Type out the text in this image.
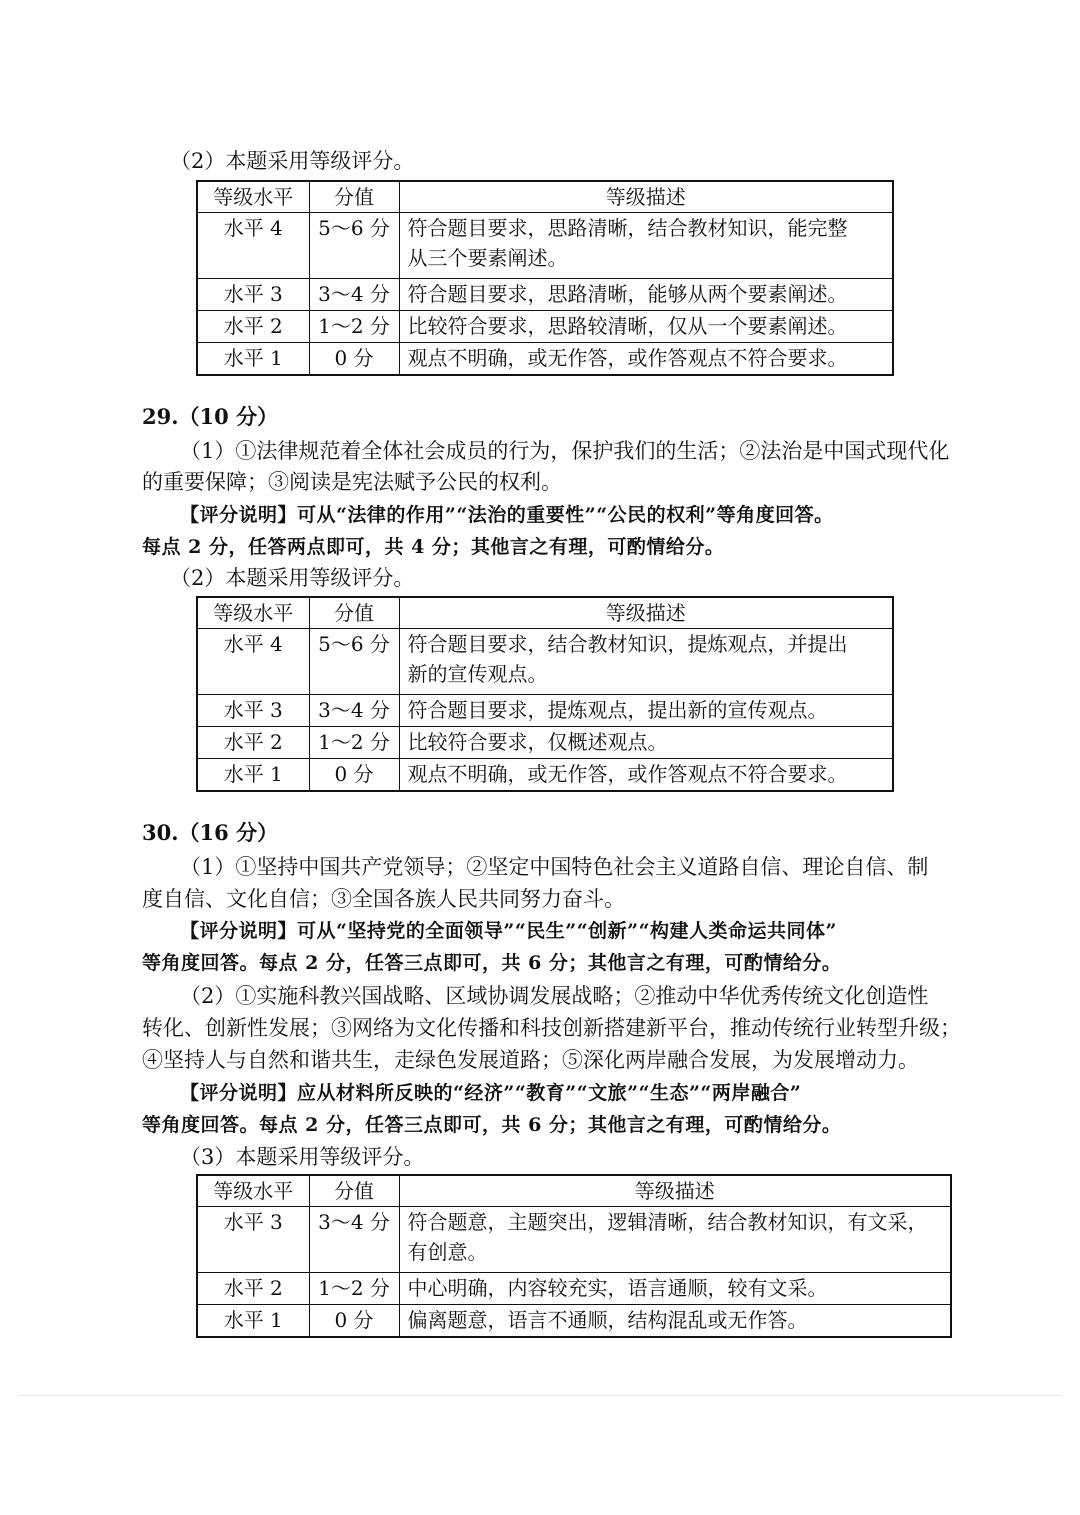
（2）本题采用等级评分。
等级水平	分值	等级描述
水平 4	5～6 分	符合题目要求，思路清晰，结合教材知识，能完整
从三个要素阐述。

水平 3	3～4 分	符合题目要求，思路清晰，能够从两个要素阐述。
水平 2	1～2 分	比较符合要求，思路较清晰，仅从一个要素阐述。
水平 1	0 分	观点不明确，或无作答，或作答观点不符合要求。
29.（10 分）
（1）①法律规范着全体社会成员的行为，保护我们的生活；②法治是中国式现代化
的重要保障；③阅读是宪法赋予公民的权利。
【评分说明】可从“法律的作用”“法治的重要性”“公民的权利”等角度回答。
每点 2 分，任答两点即可，共 4 分；其他言之有理，可酌情给分。
（2）本题采用等级评分。
等级水平	分值	等级描述
水平 4	5～6 分	符合题目要求，结合教材知识，提炼观点，并提出
新的宣传观点。

水平 3	3～4 分	符合题目要求，提炼观点，提出新的宣传观点。
水平 2	1～2 分	比较符合要求，仅概述观点。
水平 1	0 分	观点不明确，或无作答，或作答观点不符合要求。
30.（16 分）
（1）①坚持中国共产党领导；②坚定中国特色社会主义道路自信、理论自信、制
度自信、文化自信；③全国各族人民共同努力奋斗。
【评分说明】可从“坚持党的全面领导”“民生”“创新”“构建人类命运共同体”
等角度回答。每点 2 分，任答三点即可，共 6 分；其他言之有理，可酌情给分。
（2）①实施科教兴国战略、区域协调发展战略；②推动中华优秀传统文化创造性
转化、创新性发展；③网络为文化传播和科技创新搭建新平台，推动传统行业转型升级；
④坚持人与自然和谐共生，走绿色发展道路；⑤深化两岸融合发展，为发展增动力。
【评分说明】应从材料所反映的“经济”“教育”“文旅”“生态”“两岸融合”
等角度回答。每点 2 分，任答三点即可，共 6 分；其他言之有理，可酌情给分。
（3）本题采用等级评分。
等级水平	分值	等级描述
水平 3	3～4 分	符合题意，主题突出，逻辑清晰，结合教材知识，有文采，
有创意。

水平 2	1～2 分	中心明确，内容较充实，语言通顺，较有文采。
水平 1	0 分	偏离题意，语言不通顺，结构混乱或无作答。
